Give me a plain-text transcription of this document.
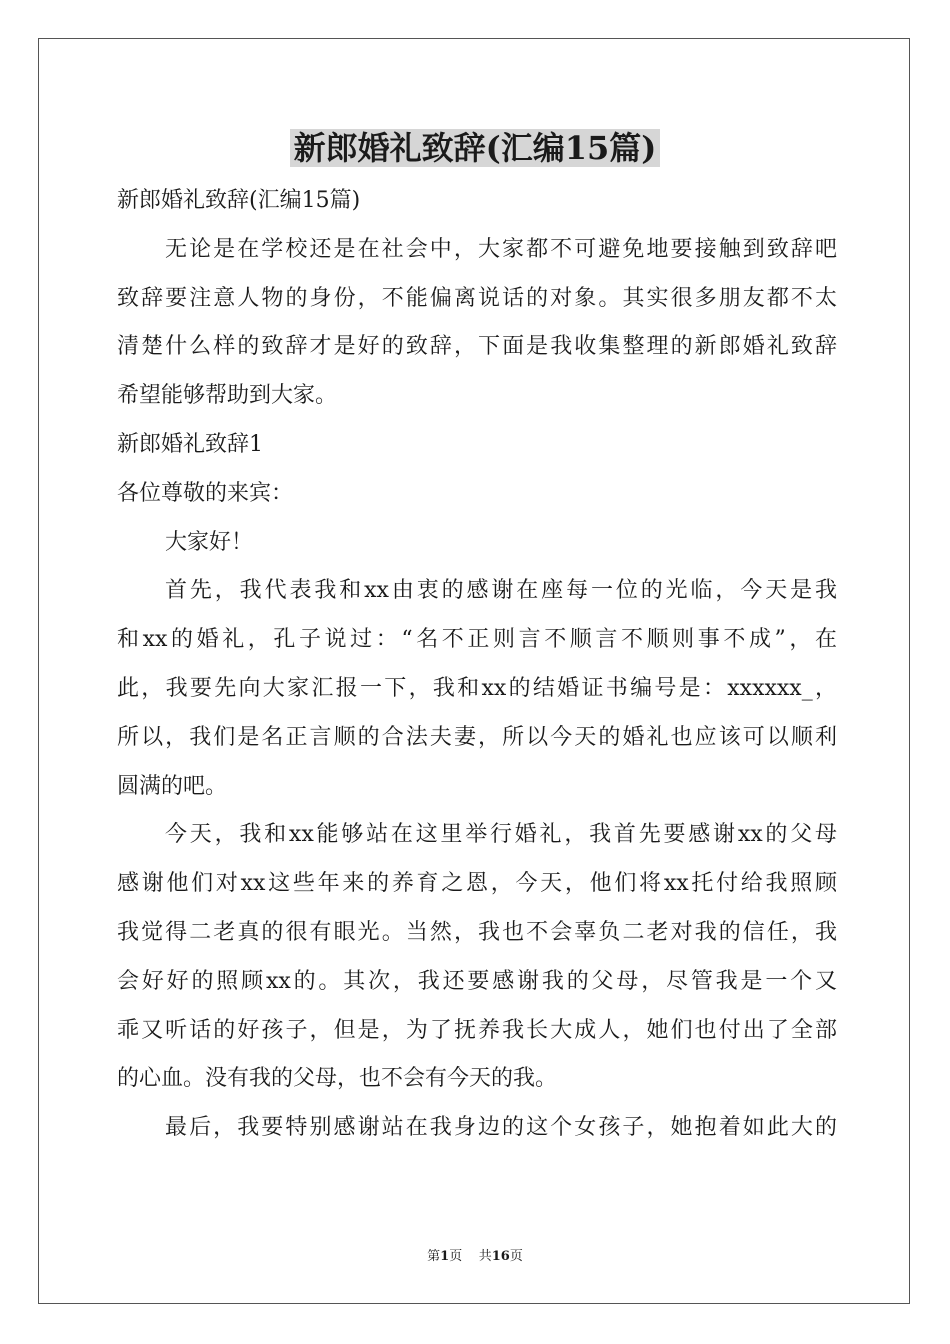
新郎婚礼致辞(汇编15篇)

新郎婚礼致辞(汇编15篇)

无论是在学校还是在社会中，大家都不可避免地要接触到致辞吧

致辞要注意人物的身份，不能偏离说话的对象。其实很多朋友都不太

清楚什么样的致辞才是好的致辞，下面是我收集整理的新郎婚礼致辞

希望能够帮助到大家。

新郎婚礼致辞1

各位尊敬的来宾：

大家好！

首先，我代表我和xx由衷的感谢在座每一位的光临，今天是我

和xx的婚礼，孔子说过：“名不正则言不顺言不顺则事不成”，在

此，我要先向大家汇报一下，我和xx的结婚证书编号是：xxxxxx_，

所以，我们是名正言顺的合法夫妻，所以今天的婚礼也应该可以顺利

圆满的吧。

今天，我和xx能够站在这里举行婚礼，我首先要感谢xx的父母

感谢他们对xx这些年来的养育之恩，今天，他们将xx托付给我照顾

我觉得二老真的很有眼光。当然，我也不会辜负二老对我的信任，我

会好好的照顾xx的。其次，我还要感谢我的父母，尽管我是一个又

乖又听话的好孩子，但是，为了抚养我长大成人，她们也付出了全部

的心血。没有我的父母，也不会有今天的我。

最后，我要特别感谢站在我身边的这个女孩子，她抱着如此大的

第1页 共16页
